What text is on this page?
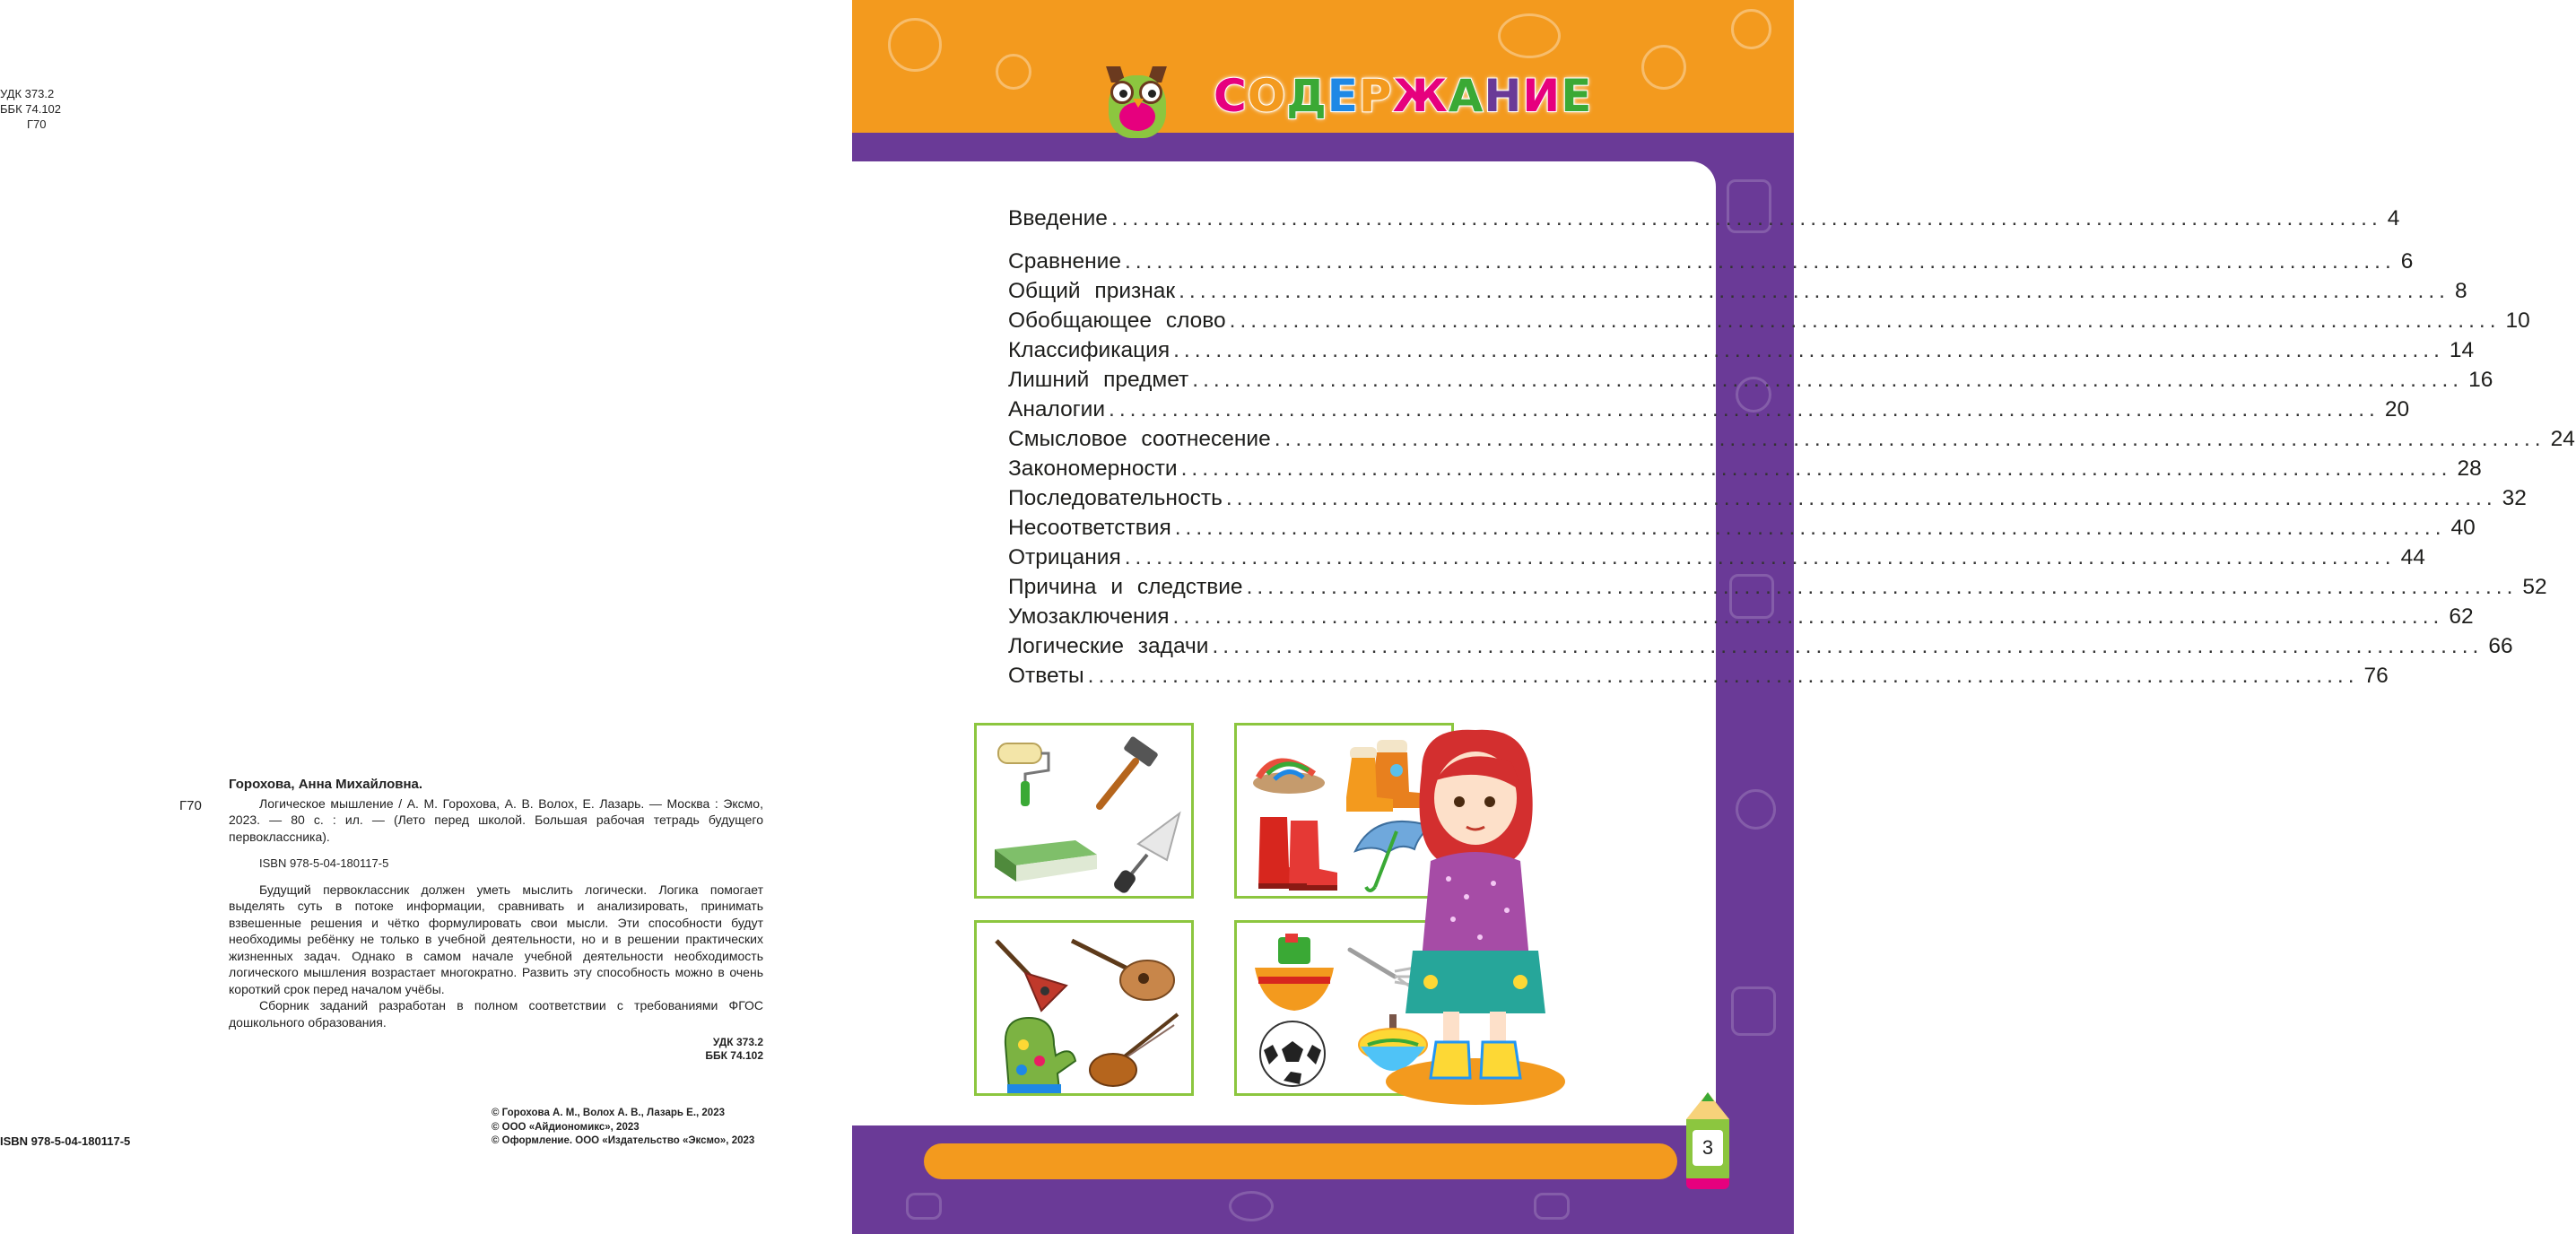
УДК 373.2
ББК 74.102
Г70
Г70
Горохова, Анна Михайловна.

Логическое мышление / А. М. Горохова, А. В. Волох, Е. Лазарь. — Москва : Эксмо, 2023. — 80 с. : ил. — (Лето перед школой. Большая рабочая тетрадь будущего первоклассника).

ISBN 978-5-04-180117-5

Будущий первоклассник должен уметь мыслить логически. Логика помогает выделять суть в потоке информации, сравнивать и анализировать, принимать взвешенные решения и чётко формулировать свои мысли. Эти способности будут необходимы ребёнку не только в учебной деятельности, но и в решении практических жизненных задач. Однако в самом начале учебной деятельности необходимость логического мышления возрастает многократно. Развить эту способность можно в очень короткий срок перед началом учёбы.

Сборник заданий разработан в полном соответствии с требованиями ФГОС дошкольного образования.

УДК 373.2
ББК 74.102
ISBN 978-5-04-180117-5
© Горохова А. М., Волох А. В., Лазарь Е., 2023
© ООО «Айдиономикс», 2023
© Оформление. ООО «Издательство «Эксмо», 2023
СОДЕРЖАНИЕ
Введение ........................................................................................................................ 4
Сравнение ........................................................................................................................ 6
Общий признак ........................................................................................................................ 8
Обобщающее слово ........................................................................................................................ 10
Классификация ........................................................................................................................ 14
Лишний предмет ........................................................................................................................ 16
Аналогии ........................................................................................................................ 20
Смысловое соотнесение ........................................................................................................................ 24
Закономерности ........................................................................................................................ 28
Последовательность ........................................................................................................................ 32
Несоответствия ........................................................................................................................ 40
Отрицания ........................................................................................................................ 44
Причина и следствие ........................................................................................................................ 52
Умозаключения ........................................................................................................................ 62
Логические задачи ........................................................................................................................ 66
Ответы ........................................................................................................................ 76
3
